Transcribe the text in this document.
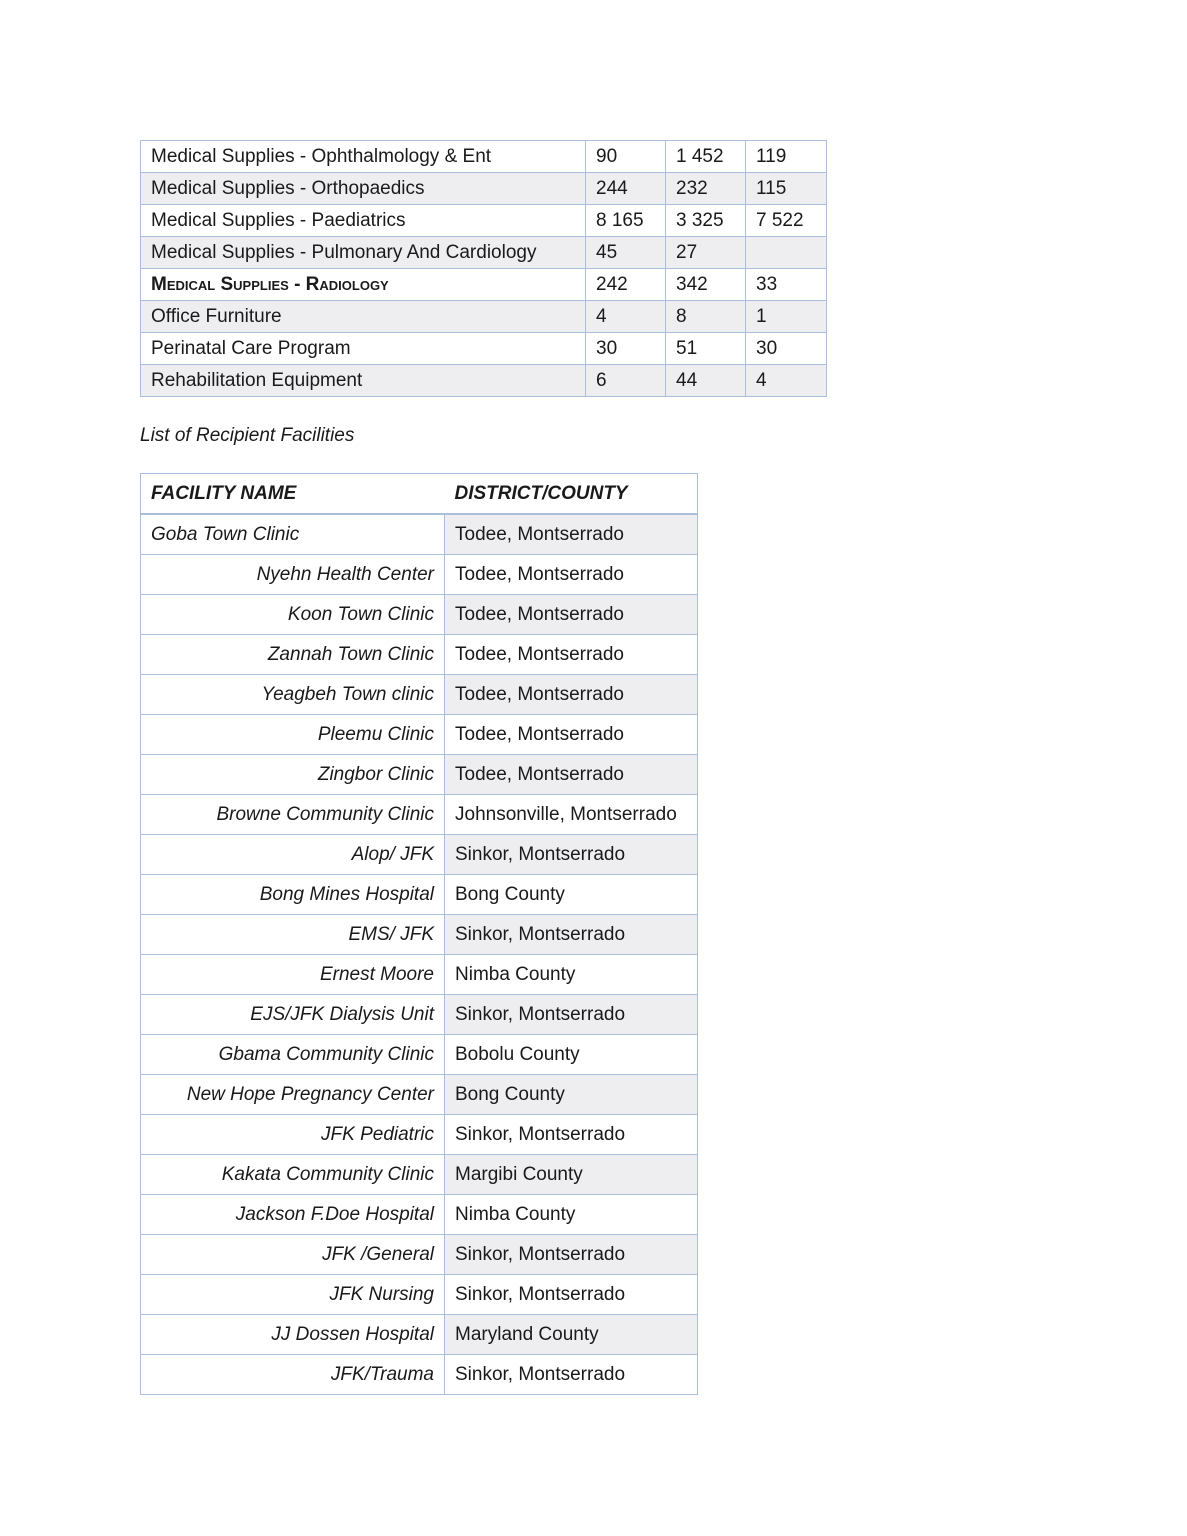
Medical Supplies - Ophthalmology & Ent	90	1 452	119
Medical Supplies - Orthopaedics	244	232	115
Medical Supplies - Paediatrics	8 165	3 325	7 522
Medical Supplies - Pulmonary And Cardiology	45	27	
Medical Supplies - Radiology	242	342	33
Office Furniture	4	8	1
Perinatal Care Program	30	51	30
Rehabilitation Equipment	6	44	4
List of Recipient Facilities
FACILITY NAME	DISTRICT/COUNTY
Goba Town Clinic	Todee, Montserrado
Nyehn Health Center	Todee, Montserrado
Koon Town Clinic	Todee, Montserrado
Zannah Town Clinic	Todee, Montserrado
Yeagbeh Town clinic	Todee, Montserrado
Pleemu Clinic	Todee, Montserrado
Zingbor Clinic	Todee, Montserrado
Browne Community Clinic	Johnsonville, Montserrado
Alop/ JFK	Sinkor, Montserrado
Bong Mines Hospital	Bong County
EMS/ JFK	Sinkor, Montserrado
Ernest Moore	Nimba County
EJS/JFK Dialysis Unit	Sinkor, Montserrado
Gbama Community Clinic	Bobolu County
New Hope Pregnancy Center	Bong County
JFK Pediatric	Sinkor, Montserrado
Kakata Community Clinic	Margibi County
Jackson F.Doe Hospital	Nimba County
JFK /General	Sinkor, Montserrado
JFK Nursing	Sinkor, Montserrado
JJ Dossen Hospital	Maryland County
JFK/Trauma	Sinkor, Montserrado
